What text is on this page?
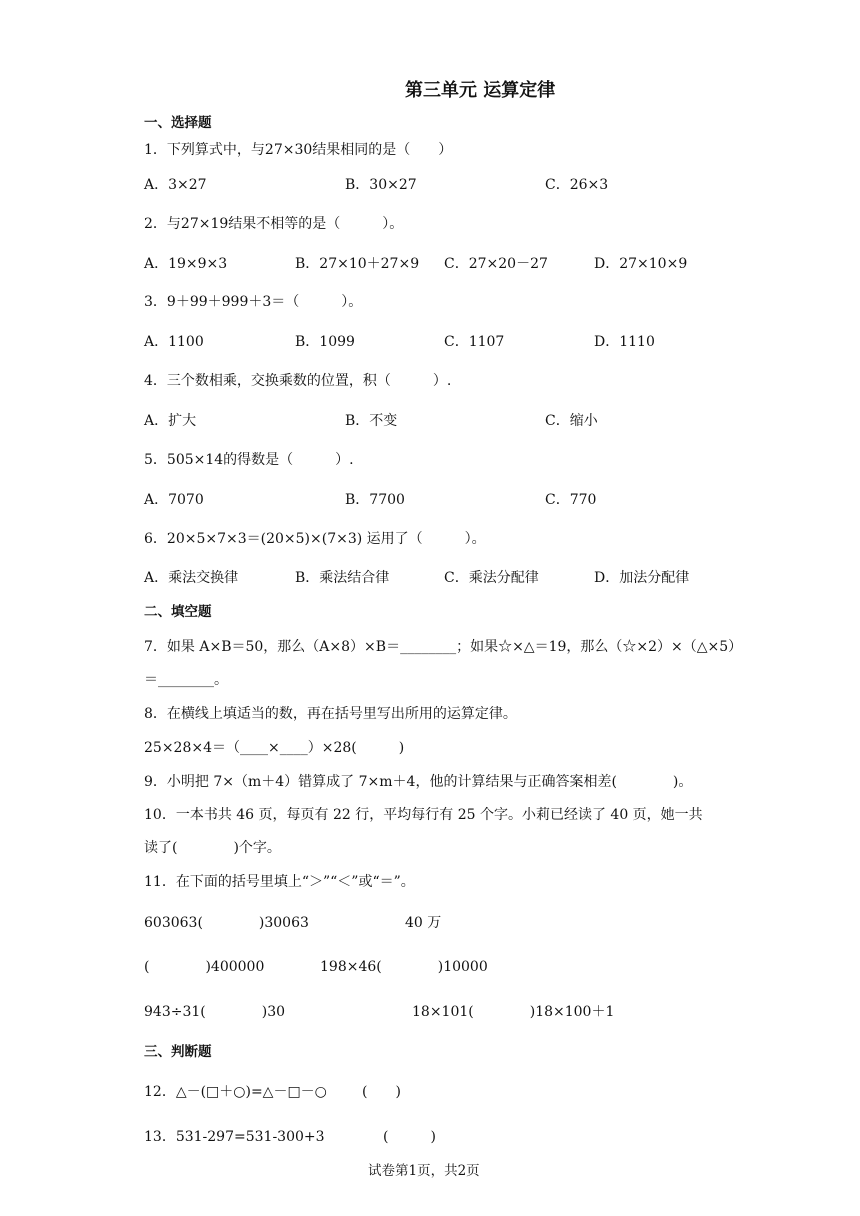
第三单元 运算定律
一、选择题
1．下列算式中，与27×30结果相同的是（　　）
A．3×27	B．30×27	C．26×3
2．与27×19结果不相等的是（　　　）。
A．19×9×3	B．27×10＋27×9 C．27×20－27	D．27×10×9
3．9＋99＋999＋3＝（　　　）。
A．1100	B．1099	C．1107	D．1110
4．三个数相乘，交换乘数的位置，积（　　　）.
A．扩大	B．不变	C．缩小
5．505×14的得数是（　　　）.
A．7070	B．7700	C．770
6．20×5×7×3＝(20×5)×(7×3) 运用了（　　　）。
A．乘法交换律	B．乘法结合律	C．乘法分配律	D．加法分配律
二、填空题
7．如果 A×B＝50，那么（A×8）×B＝________；如果☆×△＝19，那么（☆×2）×（△×5）
＝________。
8．在横线上填适当的数，再在括号里写出所用的运算定律。
25×28×4＝（____×____）×28(　　　)
9．小明把 7×（m＋4）错算成了 7×m＋4，他的计算结果与正确答案相差(　　　　)。
10．一本书共 46 页，每页有 22 行，平均每行有 25 个字。小莉已经读了 40 页，她一共
读了(　　　　)个字。
11．在下面的括号里填上“＞”“＜”或“＝”。
603063(　　　　)30063	40 万
(　　　　)400000	198×46(　　　　)10000
943÷31(　　　　)30	18×101(　　　　)18×100＋1
三、判断题
12．△－(□＋○)=△－□－○	(　　)
13．531-297=531-300+3	(　　　)
试卷第1页，共2页
